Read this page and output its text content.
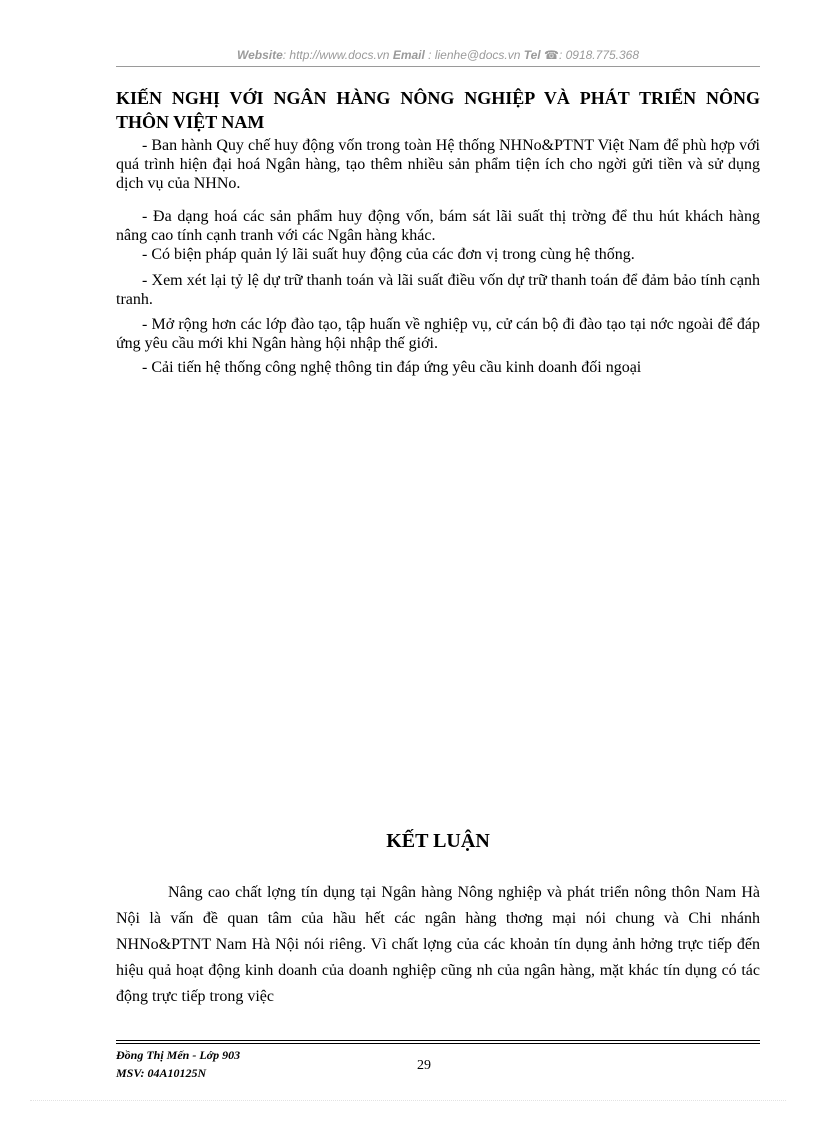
Website: http://www.docs.vn Email : lienhe@docs.vn Tel ☎: 0918.775.368
KIẾN NGHỊ VỚI NGÂN HÀNG NÔNG NGHIỆP VÀ PHÁT TRIỂN NÔNG THÔN VIỆT NAM

- Ban hành Quy chế huy động vốn trong toàn Hệ thống NHNo&PTNT Việt Nam để phù hợp với quá trình hiện đại hoá Ngân hàng, tạo thêm nhiều sản phẩm tiện ích cho ngời gửi tiền và sử dụng dịch vụ của NHNo.

- Đa dạng hoá các sản phẩm huy động vốn, bám sát lãi suất thị trờng để thu hút khách hàng nâng cao tính cạnh tranh với các Ngân hàng khác.

- Có biện pháp quản lý lãi suất huy động của các đơn vị trong cùng hệ thống.

- Xem xét lại tỷ lệ dự trữ thanh toán và lãi suất điều vốn dự trữ thanh toán để đảm bảo tính cạnh tranh.

- Mở rộng hơn các lớp đào tạo, tập huấn về nghiệp vụ, cử cán bộ đi đào tạo tại nớc ngoài để đáp ứng yêu cầu mới khi Ngân hàng hội nhập thế giới.

- Cải tiến hệ thống công nghệ thông tin đáp ứng yêu cầu kinh doanh đối ngoại

KẾT LUẬN

Nâng cao chất lợng tín dụng tại Ngân hàng Nông nghiệp và phát triển nông thôn Nam Hà Nội là vấn đề quan tâm của hầu hết các ngân hàng thơng mại nói chung và Chi nhánh NHNo&PTNT Nam Hà Nội nói riêng. Vì chất lợng của các khoản tín dụng ảnh hởng trực tiếp đến hiệu quả hoạt động kinh doanh của doanh nghiệp cũng nh của ngân hàng, mặt khác tín dụng có tác động trực tiếp trong việc

Đồng Thị Mến - Lớp 903
MSV: 04A10125N	29
